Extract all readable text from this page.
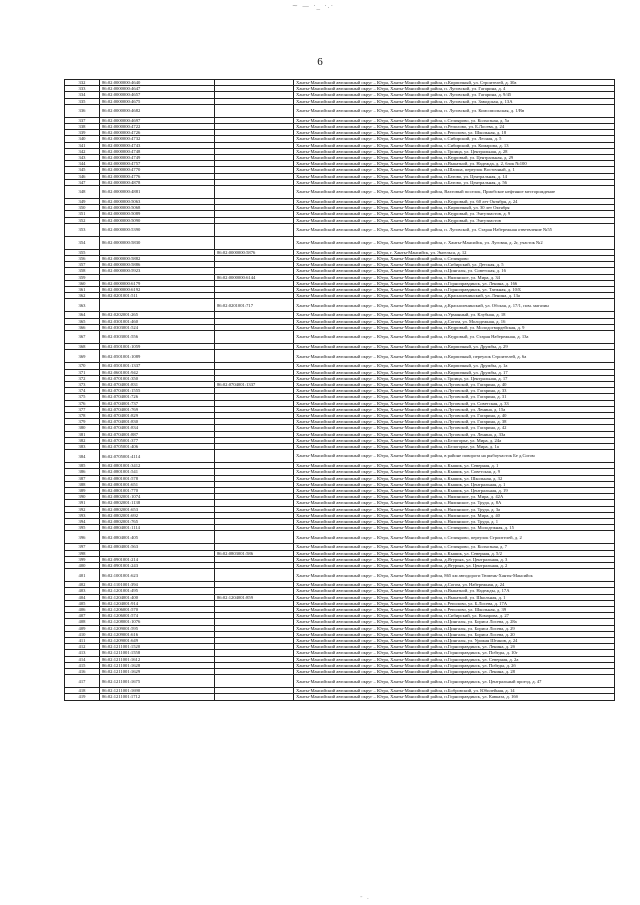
~ — ·_ ·.·
6
332	86:02:0000000:4640		Ханты-Мансийский автономный округ – Югра, Ханты-Мансийский район, п.Кирпичный, ул. Строителей, д. 30а
333	86:02:0000000:4647		Ханты-Мансийский автономный округ – Югра, Ханты-Мансийский район, п. Луговской, ул. Гагарина, д. 4
334	86:02:0000000:4657		Ханты-Мансийский автономный округ – Югра, Ханты-Мансийский район, п. Луговской, ул. Гагарина, д. 9/45
335	86:02:0000000:4675		Ханты-Мансийский автономный округ – Югра, Ханты-Мансийский район, п. Луговской, ул. Заводская, д. 13А
336	86:02:0000000:4682		Ханты-Мансийский автономный округ – Югра, Ханты-Мансийский район, п. Луговской, ул. Комсомольская, д. 1/Вв
337	86:02:0000000:4697		Ханты-Мансийский автономный округ – Югра, Ханты-Мансийский район, с.Селиярово, ул. Колхозная, д. 5а
338	86:02:0000000:4722		Ханты-Мансийский автономный округ – Югра, Ханты-Мансийский район, п.Реполово, ул. Б.Лосева, д. 24
339	86:02:0000000:4726		Ханты-Мансийский автономный округ – Югра, Ханты-Мансийский район, с.Реполово, ул. Школьная, д. 18
340	86:02:0000000:4732		Ханты-Мансийский автономный округ – Югра, Ханты-Мансийский район, с.Сибирский, ул. Лесная, д. 5
341	86:02:0000000:4743		Ханты-Мансийский автономный округ – Югра, Ханты-Мансийский район, с.Сибирский, ул. Комарова, д. 13
342	86:02:0000000:4748		Ханты-Мансийский автономный округ – Югра, Ханты-Мансийский район, с.Троица, ул. Центральная, д. 28
343	86:02:0000000:4749		Ханты-Мансийский автономный округ – Югра, Ханты-Мансийский район, п.Кедровый, ул. Центральная, д. 29
344	86:02:0000000:4757		Ханты-Мансийский автономный округ – Югра, Ханты-Мансийский район, п.Выкатной, ул. Надежда, д. 2, блок №100
345	86:02:0000000:4770		Ханты-Мансийский автономный округ – Югра, Ханты-Мансийский район, п.Шапша, переулок Восточный, д. 1
346	86:02:0000000:4776		Ханты-Мансийский автономный округ – Югра, Ханты-Мансийский район, п.Батово, ул. Центральная, д. 14
347	86:02:0000000:4878		Ханты-Мансийский автономный округ – Югра, Ханты-Мансийский район, п.Батово, ул. Центральная, д. 56
348	86:02:0000000:4881		Ханты-Мансийский автономный округ – Югра, Ханты-Мансийский район, Вахтовый поселок, Приобское нефтяное месторождение
349	86:02:0000000:5063		Ханты-Мансийский автономный округ – Югра, Ханты-Мансийский район, п.Кедровый, ул. 60 лет Октября, д. 24
350	86:02:0000000:5068		Ханты-Мансийский автономный округ – Югра, Ханты-Мансийский район, п.Кирпичный, ул. 30 лет Октября
351	86:02:0000000:5089		Ханты-Мансийский автономный округ – Югра, Ханты-Мансийский район, п.Кедровый, ул. Энтузиастов, д. 9
352	86:02:0000000:5090		Ханты-Мансийский автономный округ – Югра, Ханты-Мансийский район, п.Кедровый, ул. Энтузиастов
353	86:02:0000000:5390		Ханты-Мансийский автономный округ – Югра, Ханты-Мансийский район, п. Луговской, ул. Старая Набережная ответвление №55
354	86:02:0000000:5830		Ханты-Мансийский автономный округ – Югра, Ханты-Мансийский район, г. Ханты-Мансийск, ул. Луговая, д. 2г, участок №2
355		86:02:0000000:5876	Ханты-Мансийский автономный округ – Югра, г. Ханты-Мансийск, ул. Энгельса, д. 12
356	86:02:0000000:5882		Ханты-Мансийский автономный округ – Югра, Ханты-Мансийский район, с.Селиярово
357	86:02:0000000:5886		Ханты-Мансийский автономный округ – Югра, Ханты-Мансийский район, п.Сибирский, ул. Детская, д. 5
358	86:02:0000000:5923		Ханты-Мансийский автономный округ – Югра, Ханты-Мансийский район, п.Цингалы, ул. Советская, д. 16
359		86:02:0000000:6144	Ханты-Мансийский автономный округ – Югра, Ханты-Мансийский район, с.Нялинское, ул. Мира, д. 34
360	86:02:0000000:6179		Ханты-Мансийский автономный округ – Югра, Ханты-Мансийский район, п.Горноправдинск, ул. Ленина, д. 166
361	86:02:0000000:6192		Ханты-Мансийский автономный округ – Югра, Ханты-Мансийский район, п.Горноправдинск, ул. Таежная, д. 10/Б
362	86:02:0201001:511		Ханты-Мансийский автономный округ – Югра, Ханты-Мансийский район, д.Красноленинский, ул. Ленина, д. 13а
363		86:02:0201001:717	Ханты-Мансийский автономный округ – Югра, Ханты-Мансийский район, д.Красноленинский, ул. Обская, д. 17/1, пом. магазин
364	86:02:0202001:265		Ханты-Мансийский автономный округ – Югра, Ханты-Мансийский район, п.Урманный, ул. Клубная, д. 18
365	86:02:0301001:460		Ханты-Мансийский автономный округ – Югра, Ханты-Мансийский район, д.Согом, ул. Молодежная, д. 16
366	86:02:0303001:524		Ханты-Мансийский автономный округ – Югра, Ханты-Мансийский район, п.Кедровый, ул. Молодогвардейская, д. 9
367	86:02:0303001:556		Ханты-Мансийский автономный округ – Югра, Ханты-Мансийский район, п.Кедровый, ул. Старая Набережная, д. 13а
368	86:02:0501001:1059		Ханты-Мансийский автономный округ – Югра, Ханты-Мансийский район, п.Кирпичный, ул. Дружбы, д. 29
369	86:02:0501001:1089		Ханты-Мансийский автономный округ – Югра, Ханты-Мансийский район, п.Кирпичный, переулок Строителей, д. 6а
370	86:02:0501001:1337		Ханты-Мансийский автономный округ – Югра, Ханты-Мансийский район, п.Кирпичный, ул. Дружбы, д. 1а
371	86:02:0601001:942		Ханты-Мансийский автономный округ – Югра, Ханты-Мансийский район, п.Кирпичный, ул. Дружбы, д. 17
372	86:02:0701001:350		Ханты-Мансийский автономный округ – Югра, Ханты-Мансийский район, с.Троица, ул. Центральная, д. 17
373	86:02:0704001:831	86:02:0704001:1337	Ханты-Мансийский автономный округ – Югра, Ханты-Мансийский район, п.Луговской, ул. Гагарина, д. 40
374	86:02:0704001:1555		Ханты-Мансийский автономный округ – Югра, Ханты-Мансийский район, п.Луговской, ул. Гагарина, д. 33
375	86:02:0704001:726		Ханты-Мансийский автономный округ – Югра, Ханты-Мансийский район, п.Луговской, ул. Гагарина, д. 31
376	86:02:0704001:737		Ханты-Мансийский автономный округ – Югра, Ханты-Мансийский район, п.Луговской, ул. Советская, д. 33
377	86:02:0704001:769		Ханты-Мансийский автономный округ – Югра, Ханты-Мансийский район, п.Луговской, ул. Ленина, д. 15а
378	86:02:0704001:829		Ханты-Мансийский автономный округ – Югра, Ханты-Мансийский район, п.Луговской, ул. Гагарина, д. 40
379	86:02:0704001:830		Ханты-Мансийский автономный округ – Югра, Ханты-Мансийский район, п.Луговской, ул. Гагарина, д. 38
380	86:02:0704001:834		Ханты-Мансийский автономный округ – Югра, Ханты-Мансийский район, п.Луговской, ул. Гагарина, д. 42
381	86:02:0704001:887		Ханты-Мансийский автономный округ – Югра, Ханты-Мансийский район, п.Луговской, ул. Ленина, д. 33а
382	86:02:0705001:377		Ханты-Мансийский автономный округ – Югра, Ханты-Мансийский район, п.Белогорье, ул. Мира, д. 24а
383	86:02:0705001:406		Ханты-Мансийский автономный округ – Югра, Ханты-Мансийский район, п.Белогорье, ул. Мира, д. 1а
384	86:02:0705001:4114		Ханты-Мансийский автономный округ – Югра, Ханты-Мансийский район, в районе поворота на рыбоучасток Бе д.Согом
385	86:02:0801001:3412		Ханты-Мансийский автономный округ – Югра, Ханты-Мансийский район, с.Кышик, ул. Северная, д. 1
386	86:02:0801001:541		Ханты-Мансийский автономный округ – Югра, Ханты-Мансийский район, с.Кышик, ул. Советская, д. 9
387	86:02:0801001:578		Ханты-Мансийский автономный округ – Югра, Ханты-Мансийский район, с.Кышик, ул. Школьная, д. 32
388	86:02:0801001:651		Ханты-Мансийский автономный округ – Югра, Ханты-Мансийский район, с.Кышик, ул. Центральная, д. 1
389	86:02:0801001:770		Ханты-Мансийский автономный округ – Югра, Ханты-Мансийский район, с.Кышик, ул. Центральная, д. 19
390	86:02:0802001:1074		Ханты-Мансийский автономный округ – Югра, Ханты-Мансийский район, с.Нялинское, ул. Мира, д. 42А
391	86:02:0802001:1138		Ханты-Мансийский автономный округ – Югра, Ханты-Мансийский район, с.Нялинское, ул. Труда, д. 8А
392	86:02:0802001:653		Ханты-Мансийский автономный округ – Югра, Ханты-Мансийский район, с.Нялинское, ул. Труда, д. 3а
393	86:02:0802001:692		Ханты-Мансийский автономный округ – Югра, Ханты-Мансийский район, с.Нялинское, ул. Мира, д. 40
394	86:02:0802001:765		Ханты-Мансийский автономный округ – Югра, Ханты-Мансийский район, с.Нялинское, ул. Труда, д. 1
395	86:02:0804001:1114		Ханты-Мансийский автономный округ – Югра, Ханты-Мансийский район, с.Селиярово, ул. Молодежная, д. 15
396	86:02:0804001:405		Ханты-Мансийский автономный округ – Югра, Ханты-Мансийский район, с.Селиярово, переулок Строителей, д. 2
397	86:02:0804001:563		Ханты-Мансийский автономный округ – Югра, Ханты-Мансийский район, с.Селиярово, ул. Колхозная, д. 7
398		86:02:0803001:586	Ханты-Мансийский автономный округ – Югра, Ханты-Мансийский район, с.Кышик, ул. Северная, д. 5/2
399	86:02:0901001:214		Ханты-Мансийский автономный округ – Югра, Ханты-Мансийский район, д.Ягурьях, ул. Центральная, д. 3
400	86:02:0901001:243		Ханты-Мансийский автономный округ – Югра, Ханты-Мансийский район, д.Ягурьях, ул. Центральная, д. 2
401	86:02:1001001:623		Ханты-Мансийский автономный округ – Югра, Ханты-Мансийский район, 865 км автодороги Тюмень-Ханты-Мансийск
402	86:02:1101001:394		Ханты-Мансийский автономный округ – Югра, Ханты-Мансийский район, д.Согом, ул. Набережная, д. 24
403	86:02:1201001:495		Ханты-Мансийский автономный округ – Югра, Ханты-Мансийский район, п.Выкатной, ул. Надежды, д. 17А
404	86:02:1204001:400	86:02:1204001:859	Ханты-Мансийский автономный округ – Югра, Ханты-Мансийский район, п.Выкатной, ул. Школьная, д. 1
405	86:02:1204001:914		Ханты-Мансийский автономный округ – Югра, Ханты-Мансийский район, с.Реполово, ул. Б.Лосева, д. 17А
406	86:02:1206001:570		Ханты-Мансийский автономный округ – Югра, Ханты-Мансийский район, с.Реполово, ул. Школьная, д. 39
407	86:02:1206001:574		Ханты-Мансийский автономный округ – Югра, Ханты-Мансийский район, п.Сибирский, ул. Комарова, д. 27
408	86:02:1208001:1076		Ханты-Мансийский автономный округ – Югра, Ханты-Мансийский район, п.Цингалы, ул. Бориса Лосева, д. 28а
409	86:02:1209001:595		Ханты-Мансийский автономный округ – Югра, Ханты-Мансийский район, п.Цингалы, ул. Бориса Лосева, д. 29
410	86:02:1209001:616		Ханты-Мансийский автономный округ – Югра, Ханты-Мансийский район, п.Цингалы, ул. Бориса Лосева, д. 20
411	86:02:1209001:649		Ханты-Мансийский автономный округ – Югра, Ханты-Мансийский район, п.Цингалы, ул. Урожая Штанов, д. 24
412	86:02:1211001:1520		Ханты-Мансийский автономный округ – Югра, Ханты-Мансийский район, п.Горноправдинск, ул. Ленина, д. 2б
413	86:02:1211001:1558		Ханты-Мансийский автономный округ – Югра, Ханты-Мансийский район, п.Горноправдинск, ул. Победы, д. 10г
414	86:02:1211001:1612		Ханты-Мансийский автономный округ – Югра, Ханты-Мансийский район, п.Горноправдинск, ул. Северная, д. 2а
415	86:02:1211001:1628		Ханты-Мансийский автономный округ – Югра, Ханты-Мансийский район, п.Горноправдинск, ул. Победы, д. 2б
416	86:02:1211001:1629		Ханты-Мансийский автономный округ – Югра, Ханты-Мансийский район, п.Горноправдинск, ул. Ленина, д. 28
417	86:02:1211001:1675		Ханты-Мансийский автономный округ – Югра, Ханты-Мансийский район, п.Горноправдинск, ул. Центральный проезд, д. 47
418	86:02:1211001:1690		Ханты-Мансийский автономный округ – Югра, Ханты-Мансийский район, п.Бобровский, ул. Юбилейная, д. 14
419	86:02:1211001:1712		Ханты-Мансийский автономный округ – Югра, Ханты-Мансийский район, п.Горноправдинск, ул. Кавказа, д. 16б
- .
